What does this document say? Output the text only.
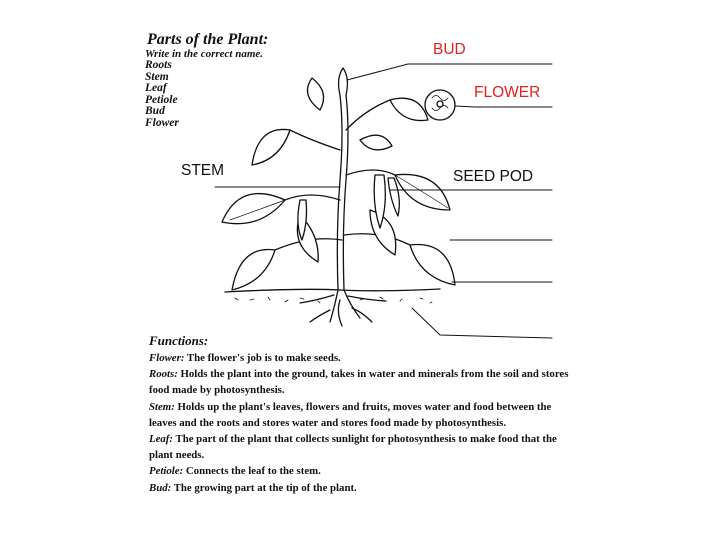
Parts of the Plant:
Write in the correct name.
Roots
Stem
Leaf
Petiole
Bud
Flower
BUD
FLOWER
STEM	SEED POD
Functions:

Flower: The flower's job is to make seeds.

Roots: Holds the plant into the ground, takes in water and minerals from the soil and stores food made by photosynthesis.

Stem: Holds up the plant's leaves, flowers and fruits, moves water and food between the leaves and the roots and stores water and stores food made by photosynthesis.

Leaf: The part of the plant that collects sunlight for photosynthesis to make food that the plant needs.

Petiole: Connects the leaf to the stem.

Bud: The growing part at the tip of the plant.
